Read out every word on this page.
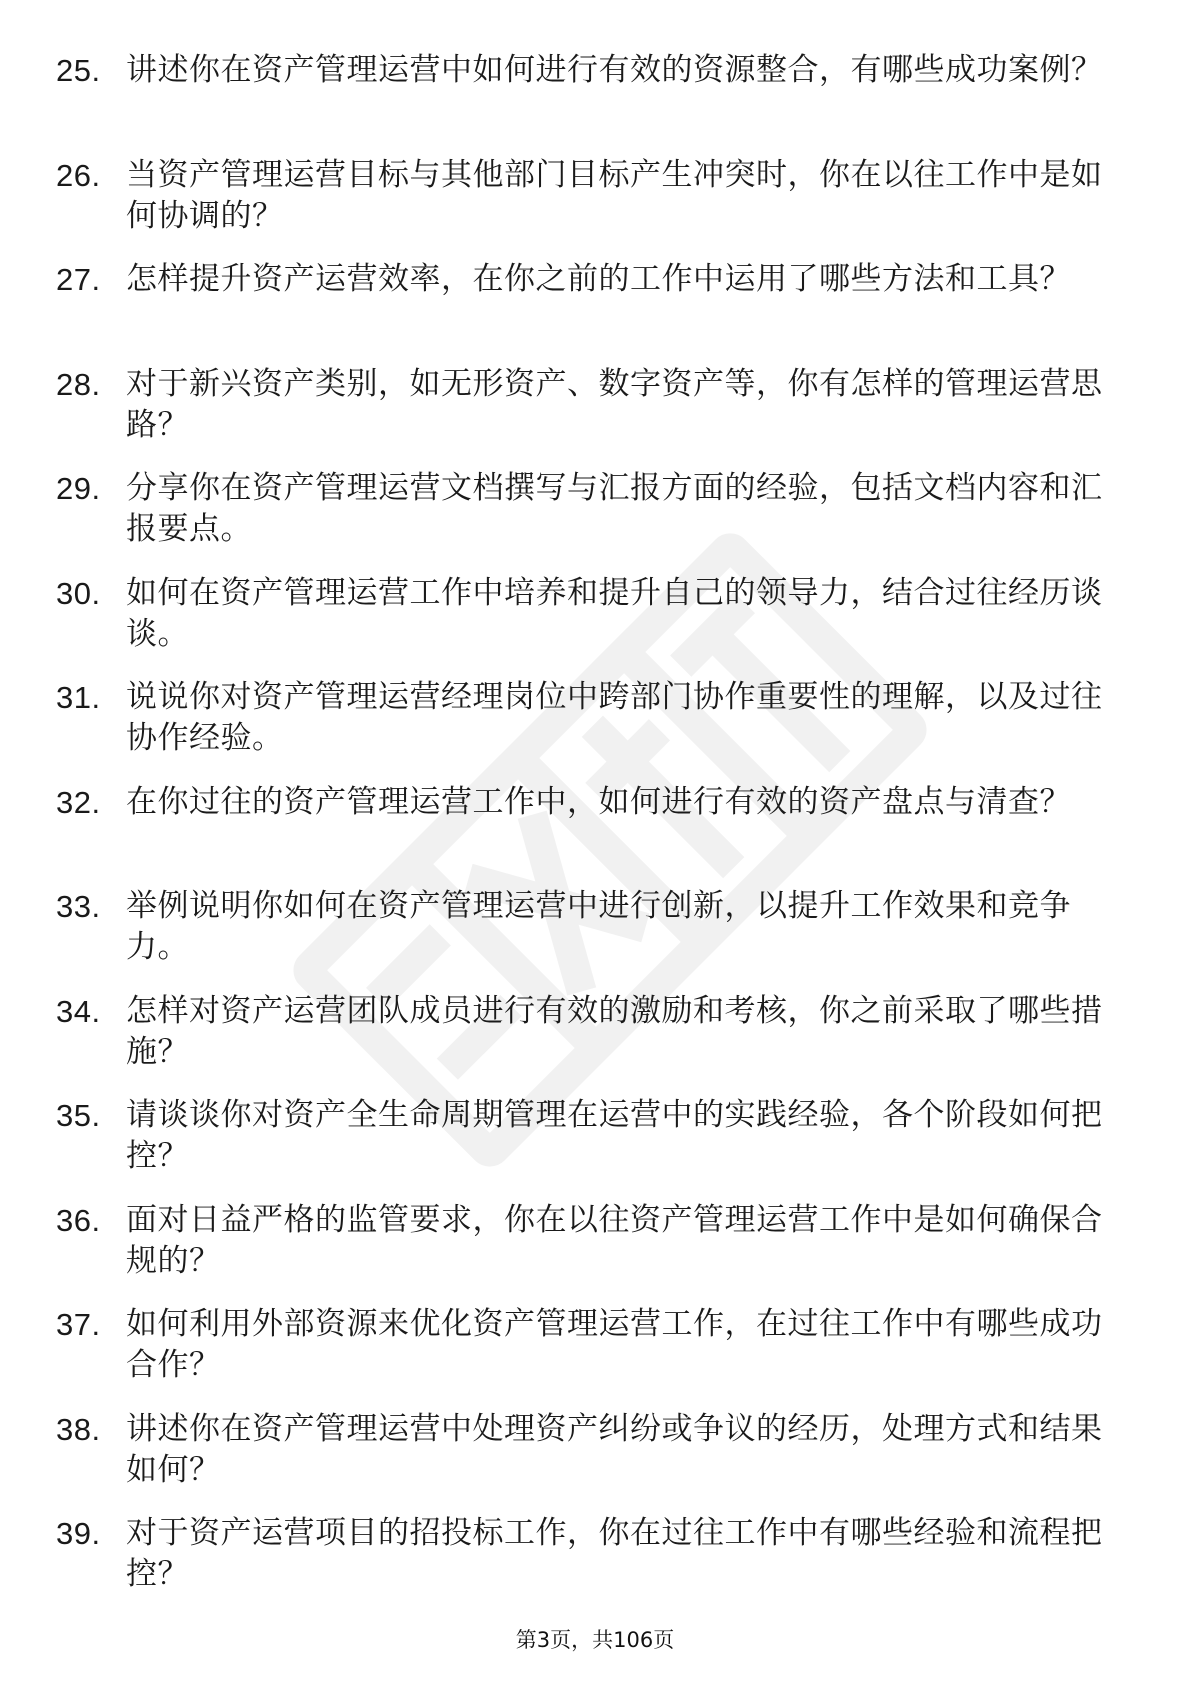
25. 讲述你在资产管理运营中如何进行有效的资源整合，有哪些成功案例？
26. 当资产管理运营目标与其他部门目标产生冲突时，你在以往工作中是如何协调的？
27. 怎样提升资产运营效率，在你之前的工作中运用了哪些方法和工具？
28. 对于新兴资产类别，如无形资产、数字资产等，你有怎样的管理运营思路？
29. 分享你在资产管理运营文档撰写与汇报方面的经验，包括文档内容和汇报要点。
30. 如何在资产管理运营工作中培养和提升自己的领导力，结合过往经历谈谈。
31. 说说你对资产管理运营经理岗位中跨部门协作重要性的理解，以及过往协作经验。
32. 在你过往的资产管理运营工作中，如何进行有效的资产盘点与清查？
33. 举例说明你如何在资产管理运营中进行创新，以提升工作效果和竞争力。
34. 怎样对资产运营团队成员进行有效的激励和考核，你之前采取了哪些措施？
35. 请谈谈你对资产全生命周期管理在运营中的实践经验，各个阶段如何把控？
36. 面对日益严格的监管要求，你在以往资产管理运营工作中是如何确保合规的？
37. 如何利用外部资源来优化资产管理运营工作，在过往工作中有哪些成功合作？
38. 讲述你在资产管理运营中处理资产纠纷或争议的经历，处理方式和结果如何？
39. 对于资产运营项目的招投标工作，你在过往工作中有哪些经验和流程把控？
第3页，共106页
